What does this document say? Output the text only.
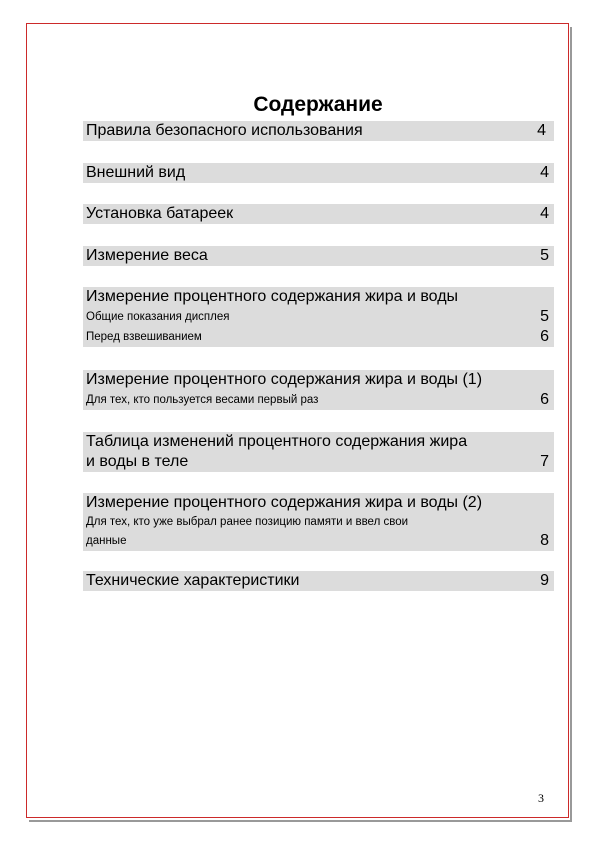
Содержание
Правила безопасного использования	4
Внешний вид	4
Установка батареек	4
Измерение веса	5
Измерение процентного содержания жира и воды
Общие показания дисплея	5
Перед взвешиванием	6
Измерение процентного содержания жира и воды (1)
Для тех, кто пользуется весами первый раз	6
Таблица изменений процентного содержания жира
и воды в теле	7
Измерение процентного содержания жира и воды (2)
Для тех, кто уже выбрал ранее позицию памяти и ввел свои
данные	8
Технические характеристики	9
3
